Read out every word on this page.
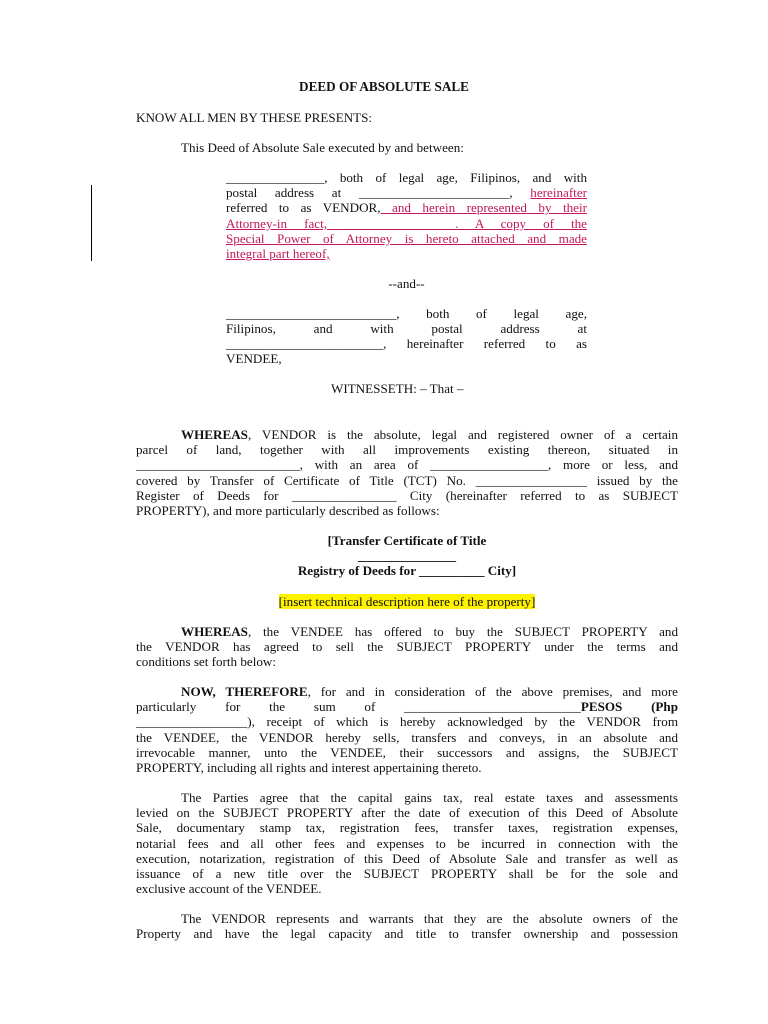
DEED OF ABSOLUTE SALE
KNOW ALL MEN BY THESE PRESENTS:
This Deed of Absolute Sale executed by and between:
_______________, both of legal age, Filipinos, and with
postal address at _______________________, hereinafter
referred to as VENDOR, and herein represented by their
Attorney-in fact, _________________. A copy of the
Special Power of Attorney is hereto attached and made
integral part hereof,
--and--
__________________________, both of legal age,
Filipinos, and with postal address at
________________________, hereinafter referred to as
VENDEE,
WITNESSETH: – That –
WHEREAS, VENDOR is the absolute, legal and registered owner of a certain
parcel of land, together with all improvements existing thereon, situated in
_________________________, with an area of __________________, more or less, and
covered by Transfer of Certificate of Title (TCT) No. _________________ issued by the
Register of Deeds for ________________ City (hereinafter referred to as SUBJECT
PROPERTY), and more particularly described as follows:
[Transfer Certificate of Title
_______________
Registry of Deeds for __________ City]
[insert technical description here of the property]
WHEREAS, the VENDEE has offered to buy the SUBJECT PROPERTY and
the VENDOR has agreed to sell the SUBJECT PROPERTY under the terms and
conditions set forth below:
NOW, THEREFORE, for and in consideration of the above premises, and more
particularly for the sum of ___________________________PESOS (Php
_________________), receipt of which is hereby acknowledged by the VENDOR from
the VENDEE, the VENDOR hereby sells, transfers and conveys, in an absolute and
irrevocable manner, unto the VENDEE, their successors and assigns, the SUBJECT
PROPERTY, including all rights and interest appertaining thereto.
The Parties agree that the capital gains tax, real estate taxes and assessments
levied on the SUBJECT PROPERTY after the date of execution of this Deed of Absolute
Sale, documentary stamp tax, registration fees, transfer taxes, registration expenses,
notarial fees and all other fees and expenses to be incurred in connection with the
execution, notarization, registration of this Deed of Absolute Sale and transfer as well as
issuance of a new title over the SUBJECT PROPERTY shall be for the sole and
exclusive account of the VENDEE.
The VENDOR represents and warrants that they are the absolute owners of the
Property and have the legal capacity and title to transfer ownership and possession
